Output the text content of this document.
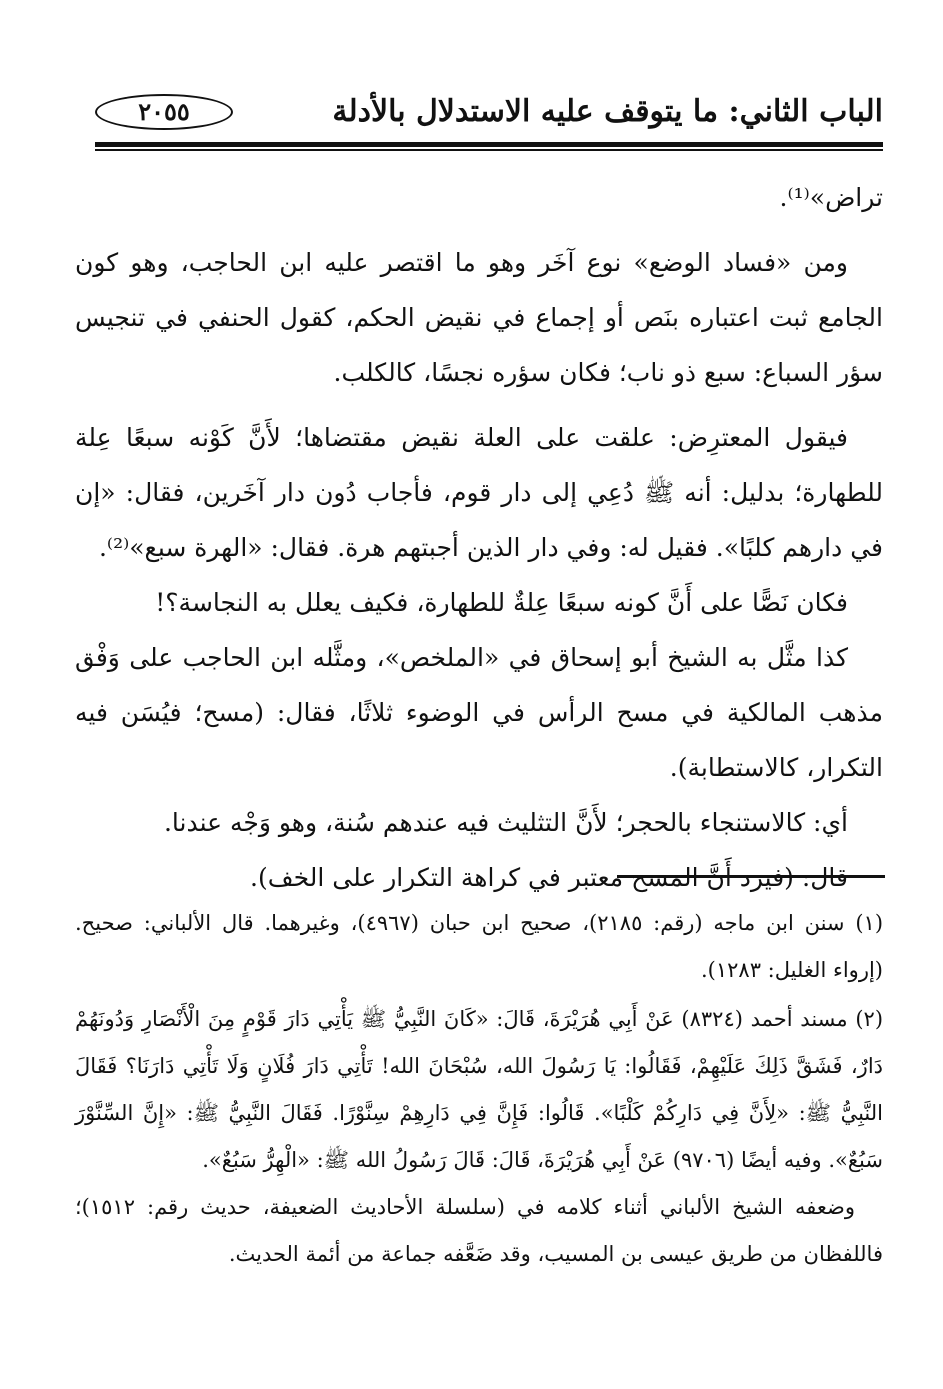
الباب الثاني: ما يتوقف عليه الاستدلال بالأدلة
٢٠٥٥

تراض»⁽¹⁾.

ومن «فساد الوضع» نوع آخَر وهو ما اقتصر عليه ابن الحاجب، وهو كون الجامع ثبت اعتباره بنَص أو إجماع في نقيض الحكم، كقول الحنفي في تنجيس سؤر السباع: سبع ذو ناب؛ فكان سؤره نجسًا، كالكلب.

فيقول المعترِض: علقت على العلة نقيض مقتضاها؛ لأَنَّ كَوْنه سبعًا عِلة للطهارة؛ بدليل: أنه ﷺ دُعِي إلى دار قوم، فأجاب دُون دار آخَرين، فقال: «إن في دارهم كلبًا». فقيل له: وفي دار الذين أجبتهم هرة. فقال: «الهرة سبع»⁽²⁾.

فكان نَصًّا على أَنَّ كونه سبعًا عِلةٌ للطهارة، فكيف يعلل به النجاسة؟!

كذا مثَّل به الشيخ أبو إسحاق في «الملخص»، ومثَّله ابن الحاجب على وَفْق مذهب المالكية في مسح الرأس في الوضوء ثلاثًا، فقال: (مسح؛ فيُسَن فيه التكرار، كالاستطابة).

أي: كالاستنجاء بالحجر؛ لأَنَّ التثليث فيه عندهم سُنة، وهو وَجْه عندنا.

قال: (فيرد أَنَّ المسح معتبر في كراهة التكرار على الخف).

(١) سنن ابن ماجه (رقم: ٢١٨٥)، صحيح ابن حبان (٤٩٦٧)، وغيرهما. قال الألباني: صحيح. (إرواء الغليل: ١٢٨٣).

(٢) مسند أحمد (٨٣٢٤) عَنْ أَبِي هُرَيْرَةَ، قَالَ: «كَانَ النَّبِيُّ ﷺ يَأْتِي دَارَ قَوْمٍ مِنَ الْأَنْصَارِ وَدُونَهُمْ دَارٌ، فَشَقَّ ذَلِكَ عَلَيْهِمْ، فَقَالُوا: يَا رَسُولَ الله، سُبْحَانَ الله! تَأْتِي دَارَ فُلَانٍ وَلَا تَأْتِي دَارَنَا؟ فَقَالَ النَّبِيُّ ﷺ: «لِأَنَّ فِي دَارِكُمْ كَلْبًا». قَالُوا: فَإِنَّ فِي دَارِهِمْ سِنَّوْرًا. فَقَالَ النَّبِيُّ ﷺ: «إِنَّ السِّنَّوْرَ سَبُعٌ». وفيه أيضًا (٩٧٠٦) عَنْ أَبِي هُرَيْرَةَ، قَالَ: قَالَ رَسُولُ الله ﷺ: «الْهِرُّ سَبُعٌ».

وضعفه الشيخ الألباني أثناء كلامه في (سلسلة الأحاديث الضعيفة، حديث رقم: ١٥١٢)؛ فاللفظان من طريق عيسى بن المسيب، وقد ضَعَّفه جماعة من أئمة الحديث.
